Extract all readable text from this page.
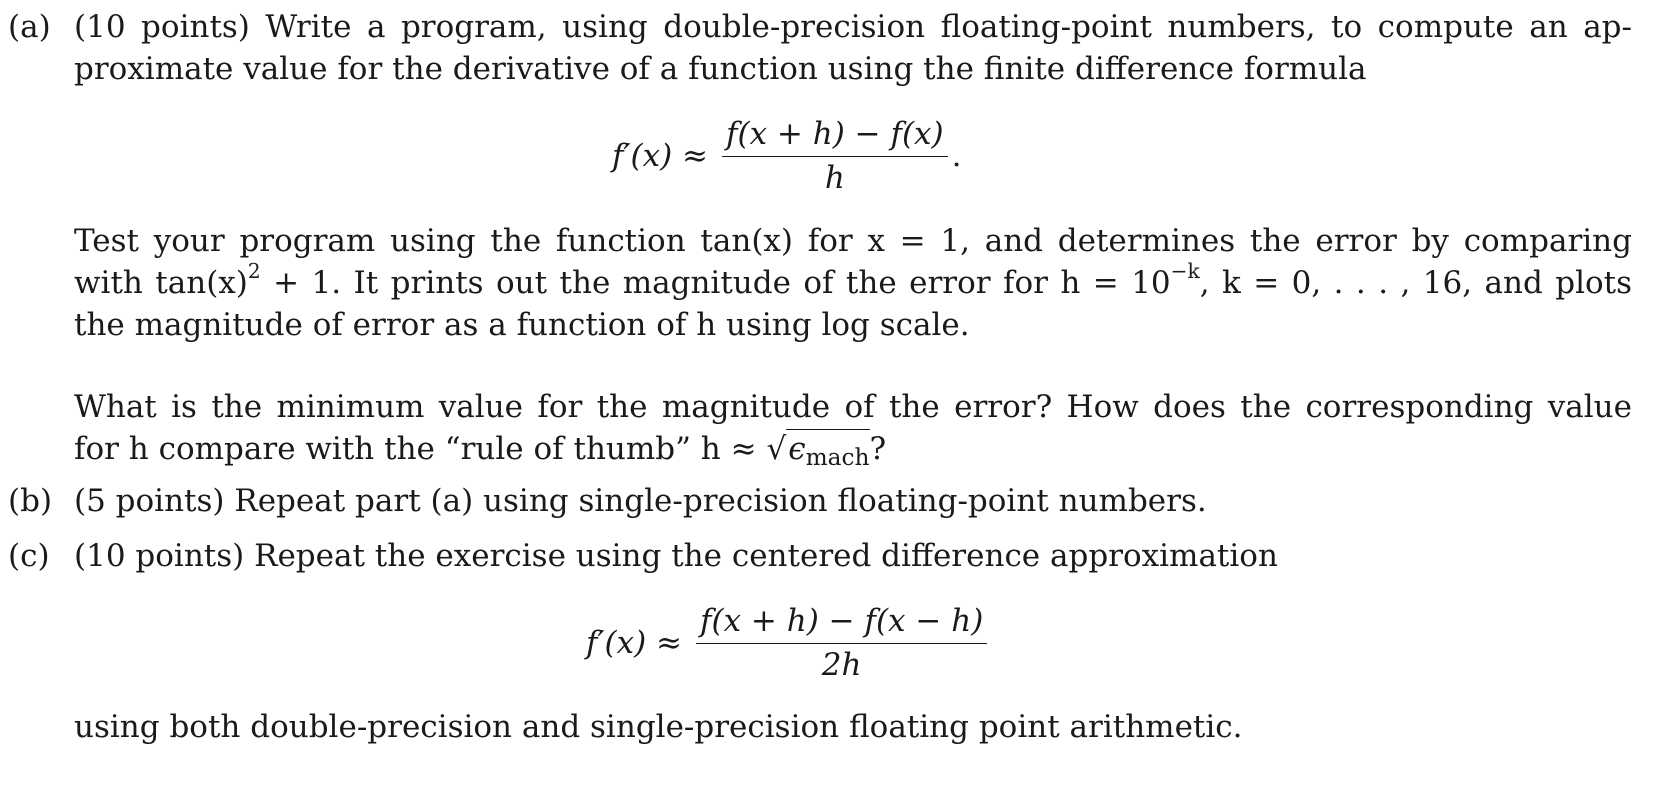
(a) (10 points) Write a program, using double-precision floating-point numbers, to compute an ap-
proximate value for the derivative of a function using the finite difference formula
$f'(x) \approx \frac{f(x + h) - f(x)}{h}$ .
Test your program using the function tan(x) for x = 1, and determines the error by comparing
with $\tan(x)^2 + 1$. It prints out the magnitude of the error for $h = 10^{-k}$, k = 0, . . . , 16, and plots
the magnitude of error as a function of h using log scale.
What is the minimum value for the magnitude of the error? How does the corresponding value
for h compare with the “rule of thumb” $h \approx √\epsilon_{mach}$?
(b) (5 points) Repeat part (a) using single-precision floating-point numbers.
(c) (10 points) Repeat the exercise using the centered difference approximation
$f'(x) \approx \frac{f(x + h) - f(x - h)}{2h}$
using both double-precision and single-precision floating point arithmetic.
